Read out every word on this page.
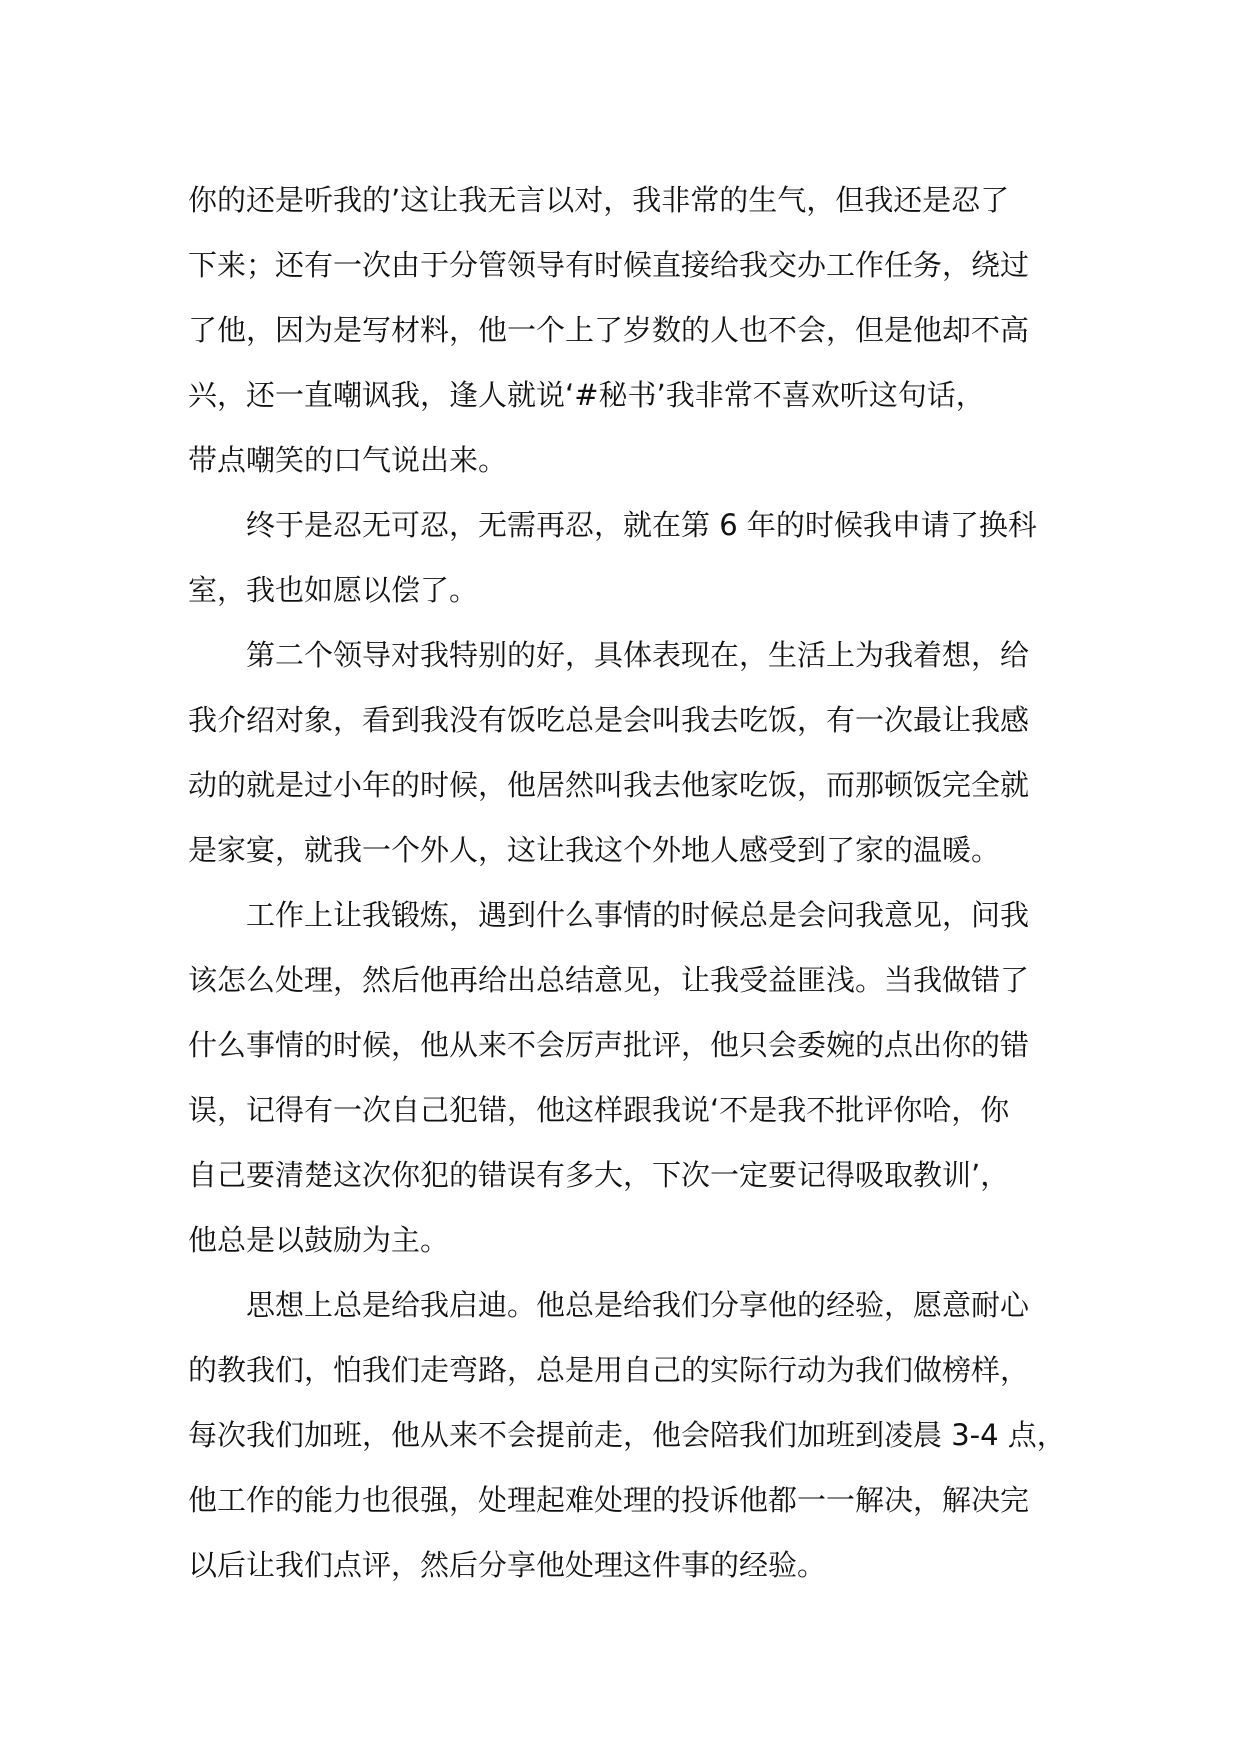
你的还是听我的’这让我无言以对，我非常的生气，但我还是忍了
下来；还有一次由于分管领导有时候直接给我交办工作任务，绕过
了他，因为是写材料，他一个上了岁数的人也不会，但是他却不高
兴，还一直嘲讽我，逢人就说‘#秘书’我非常不喜欢听这句话，
带点嘲笑的口气说出来。
终于是忍无可忍，无需再忍，就在第 6 年的时候我申请了换科
室，我也如愿以偿了。
第二个领导对我特别的好，具体表现在，生活上为我着想，给
我介绍对象，看到我没有饭吃总是会叫我去吃饭，有一次最让我感
动的就是过小年的时候，他居然叫我去他家吃饭，而那顿饭完全就
是家宴，就我一个外人，这让我这个外地人感受到了家的温暖。
工作上让我锻炼，遇到什么事情的时候总是会问我意见，问我
该怎么处理，然后他再给出总结意见，让我受益匪浅。当我做错了
什么事情的时候，他从来不会厉声批评，他只会委婉的点出你的错
误，记得有一次自己犯错，他这样跟我说‘不是我不批评你哈，你
自己要清楚这次你犯的错误有多大，下次一定要记得吸取教训’，
他总是以鼓励为主。
思想上总是给我启迪。他总是给我们分享他的经验，愿意耐心
的教我们，怕我们走弯路，总是用自己的实际行动为我们做榜样，
每次我们加班，他从来不会提前走，他会陪我们加班到凌晨 3-4 点，
他工作的能力也很强，处理起难处理的投诉他都一一解决，解决完
以后让我们点评，然后分享他处理这件事的经验。
